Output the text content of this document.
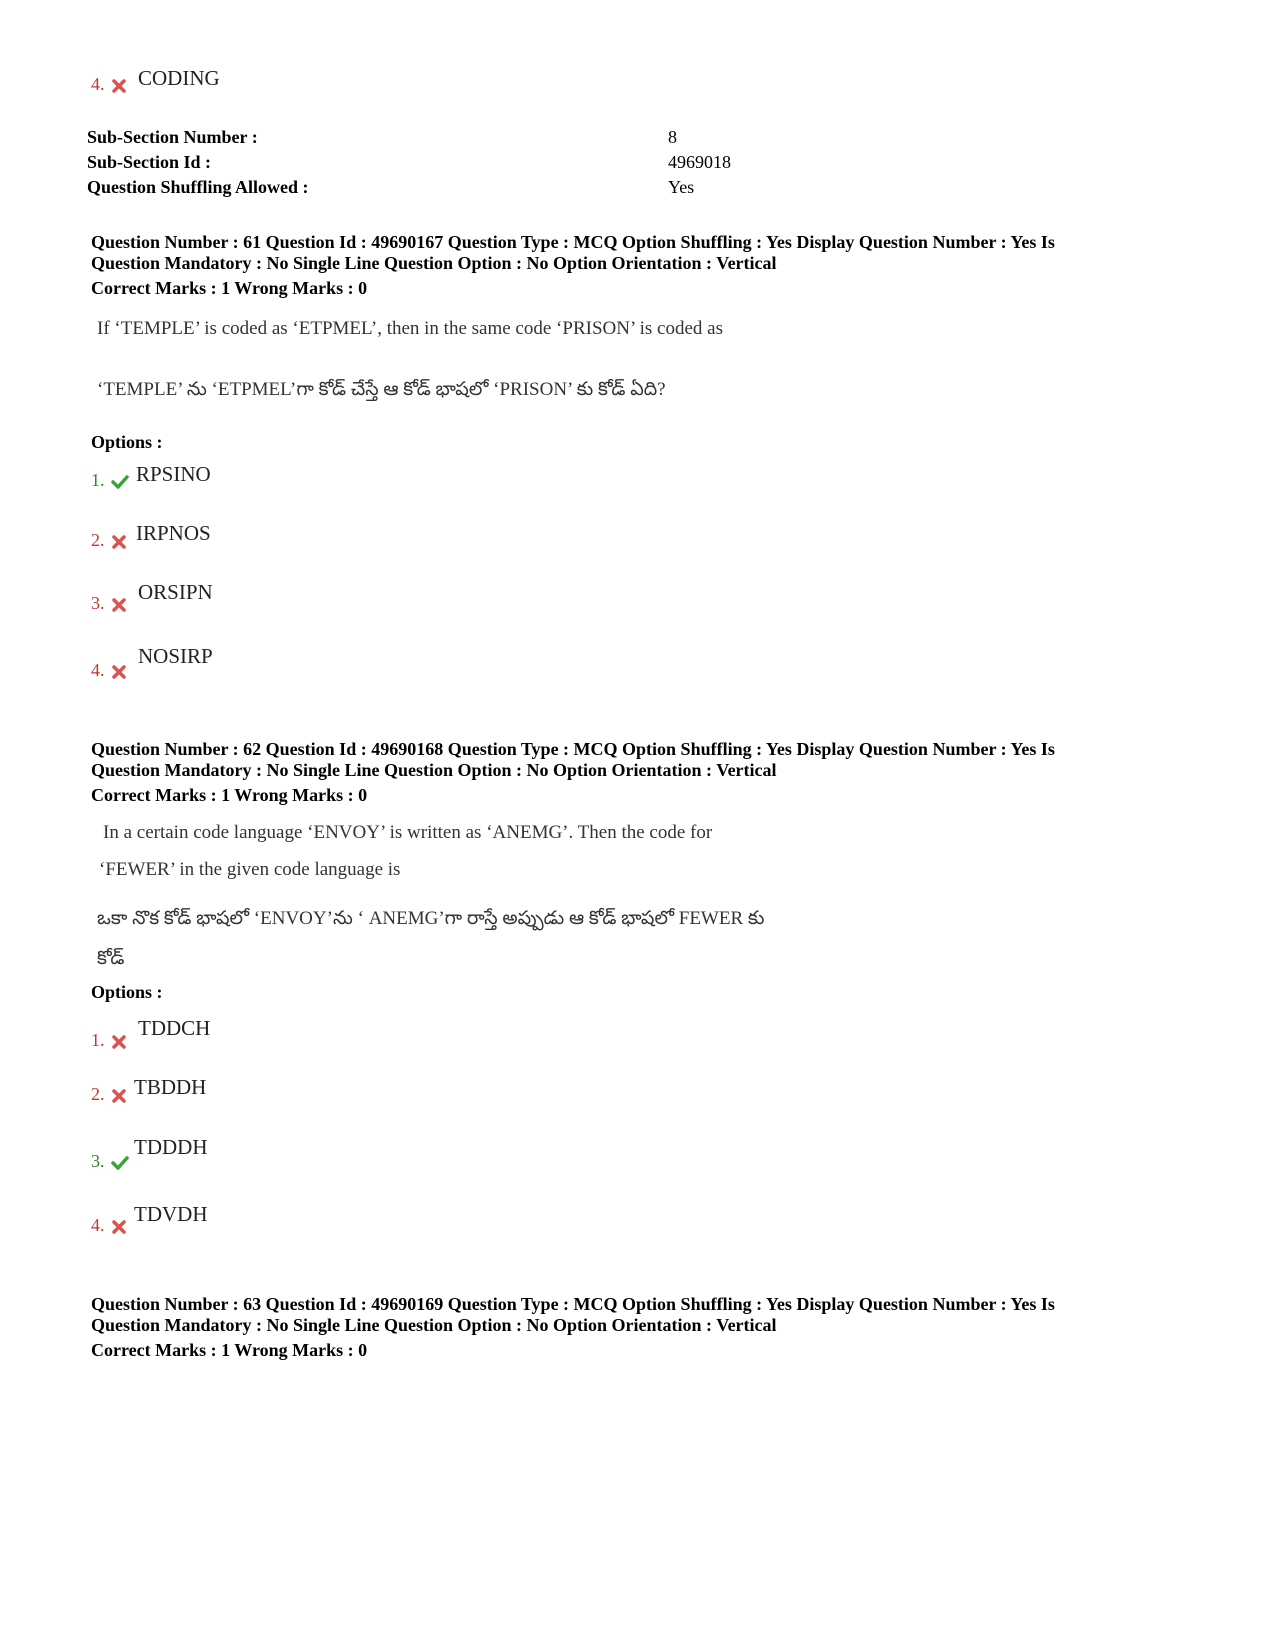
4.	CODING
Sub-Section Number :	8
Sub-Section Id :	4969018
Question Shuffling Allowed :	Yes
Question Number : 61 Question Id : 49690167 Question Type : MCQ Option Shuffling : Yes Display Question Number : Yes Is
Question Mandatory : No Single Line Question Option : No Option Orientation : Vertical
Correct Marks : 1 Wrong Marks : 0
If ‘TEMPLE’ is coded as ‘ETPMEL’, then in the same code ‘PRISON’ is coded as
‘TEMPLE’ ను ‘ETPMEL’గా కోడ్ చేస్తే ఆ కోడ్ భాషలో ‘PRISON’ కు కోడ్ ఏది?
Options :
1.	RPSINO
2.	IRPNOS
3.	ORSIPN
4.
NOSIRP
Question Number : 62 Question Id : 49690168 Question Type : MCQ Option Shuffling : Yes Display Question Number : Yes Is
Question Mandatory : No Single Line Question Option : No Option Orientation : Vertical
Correct Marks : 1 Wrong Marks : 0
In a certain code language ‘ENVOY’ is written as ‘ANEMG’. Then the code for
‘FEWER’ in the given code language is
ఒకా నొక కోడ్ భాషలో ‘ENVOY’ను ‘ ANEMG’గా రాస్తే అప్పుడు ఆ కోడ్ భాషలో FEWER కు
కోడ్
Options :
1.	TDDCH
2.	TBDDH
3.
TDDDH
4.	TDVDH
Question Number : 63 Question Id : 49690169 Question Type : MCQ Option Shuffling : Yes Display Question Number : Yes Is
Question Mandatory : No Single Line Question Option : No Option Orientation : Vertical
Correct Marks : 1 Wrong Marks : 0
